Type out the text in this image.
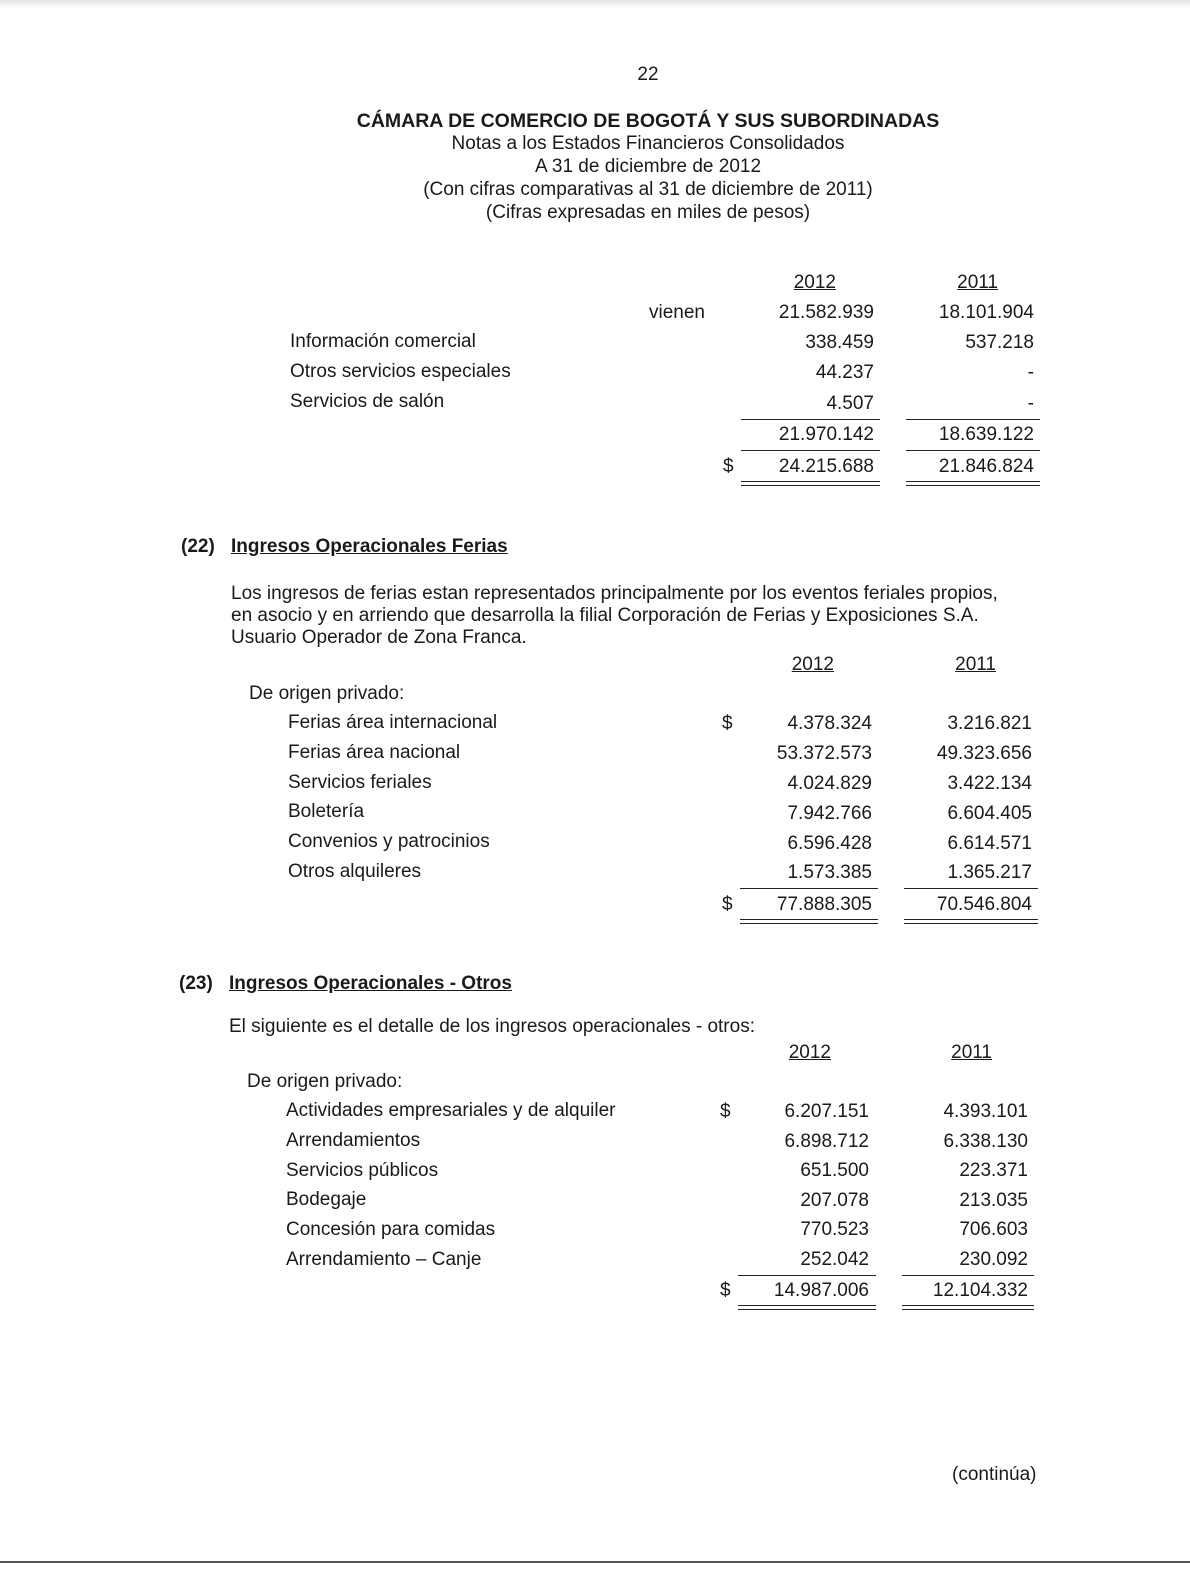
22
CÁMARA DE COMERCIO DE BOGOTÁ Y SUS SUBORDINADAS
Notas a los Estados Financieros Consolidados
A 31 de diciembre de 2012
(Con cifras comparativas al 31 de diciembre de 2011)
(Cifras expresadas en miles de pesos)
2012	2011
vienen	21.582.939	18.101.904
Información comercial	338.459	537.218
Otros servicios especiales	44.237	-
Servicios de salón	4.507	-
21.970.142	18.639.122
$	24.215.688	21.846.824
(22) Ingresos Operacionales Ferias
Los ingresos de ferias estan representados principalmente por los eventos feriales propios,
en asocio y en arriendo que desarrolla la filial Corporación de Ferias y Exposiciones S.A.
Usuario Operador de Zona Franca.
2012	2011
De origen privado:
$
Ferias área internacional	4.378.324	3.216.821
Ferias área nacional	53.372.573	49.323.656
Servicios feriales	4.024.829	3.422.134
Boletería	7.942.766	6.604.405
Convenios y patrocinios	6.596.428	6.614.571
Otros alquileres	1.573.385	1.365.217
$	77.888.305	70.546.804
(23) Ingresos Operacionales - Otros
El siguiente es el detalle de los ingresos operacionales - otros:
2012	2011
De origen privado:
$
Actividades empresariales y de alquiler	6.207.151	4.393.101
Arrendamientos	6.898.712	6.338.130
Servicios públicos	651.500	223.371
Bodegaje	207.078	213.035
Concesión para comidas	770.523	706.603
Arrendamiento – Canje	252.042	230.092
$	14.987.006	12.104.332
(continúa)
